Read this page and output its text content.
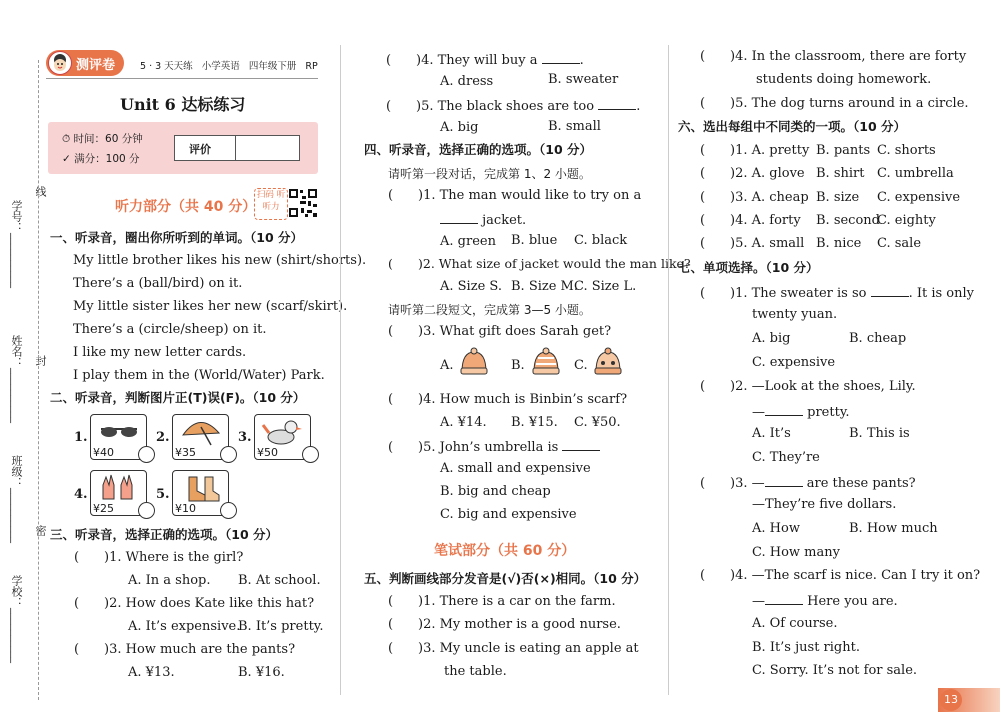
学校：__________
班级：__________
姓名：__________
学号：__________
线
封
密
测评卷	5 · 3 天天练 小学英语 四年级下册 RP
Unit 6 达标练习
⏱ 时间：60 分钟
✓ 满分：100 分
评价
听力部分（共 40 分）
扫码 听听力
一、听录音，圈出你所听到的单词。（10 分）
My little brother likes his new (shirt/shorts).
There’s a (ball/bird) on it.
My little sister likes her new (scarf/skirt).
There’s a (circle/sheep) on it.
I like my new letter cards.
I play them in the (World/Water) Park.
二、听录音，判断图片正(T)误(F)。（10 分）
1.
¥40
2.
¥35
3.
¥50
4.
¥25
5.
¥10
三、听录音，选择正确的选项。（10 分）
( )1. Where is the girl?
A. In a shop. B. At school.
( )2. How does Kate like this hat?
A. It’s expensive.
B. It’s pretty.
( )3. How much are the pants?
A. ¥13.	B. ¥16.
( )4. They will buy a	.
A. dress	B. sweater
( )5. The black shoes are too	.
A. big	B. small
四、听录音，选择正确的选项。（10 分）
请听第一段对话，完成第 1、2 小题。
( )1. The man would like to try on a
jacket.
A. green B. blue C. black
( )2. What size of jacket would the man like?
A. Size S. B. Size M.
C. Size L.
请听第二段短文，完成第 3—5 小题。
( )3. What gift does Sarah get?
A.	B.	C.
( )4. How much is Binbin’s scarf?
A. ¥14. B. ¥15. C. ¥50.
( )5. John’s umbrella is
A. small and expensive
B. big and cheap
C. big and expensive
笔试部分（共 60 分）
五、判断画线部分发音是(√)否(×)相同。（10 分）
( )1. There is a car on the farm.
( )2. My mother is a good nurse.
( )3. My uncle is eating an apple at
the table.
( )4. In the classroom, there are forty
students doing homework.
( )5. The dog turns around in a circle.
六、选出每组中不同类的一项。（10 分）
( )1. A. pretty B. pants C. shorts
( )2. A. glove B. shirt C. umbrella
( )3. A. cheap B. size C. expensive
( )4. A. forty B. second
C. eighty
( )5. A. small B. nice C. sale
七、单项选择。（10 分）
( )1. The sweater is so	. It is only
twenty yuan.
A. big	B. cheap
C. expensive
( )2. —Look at the shoes, Lily.
—	pretty.
A. It’s	B. This is
C. They’re
( )3. —	are these pants?
—They’re five dollars.
A. How	B. How much
C. How many
( )4. —The scarf is nice. Can I try it on?
—	Here you are.
A. Of course.
B. It’s just right.
C. Sorry. It’s not for sale.
13
